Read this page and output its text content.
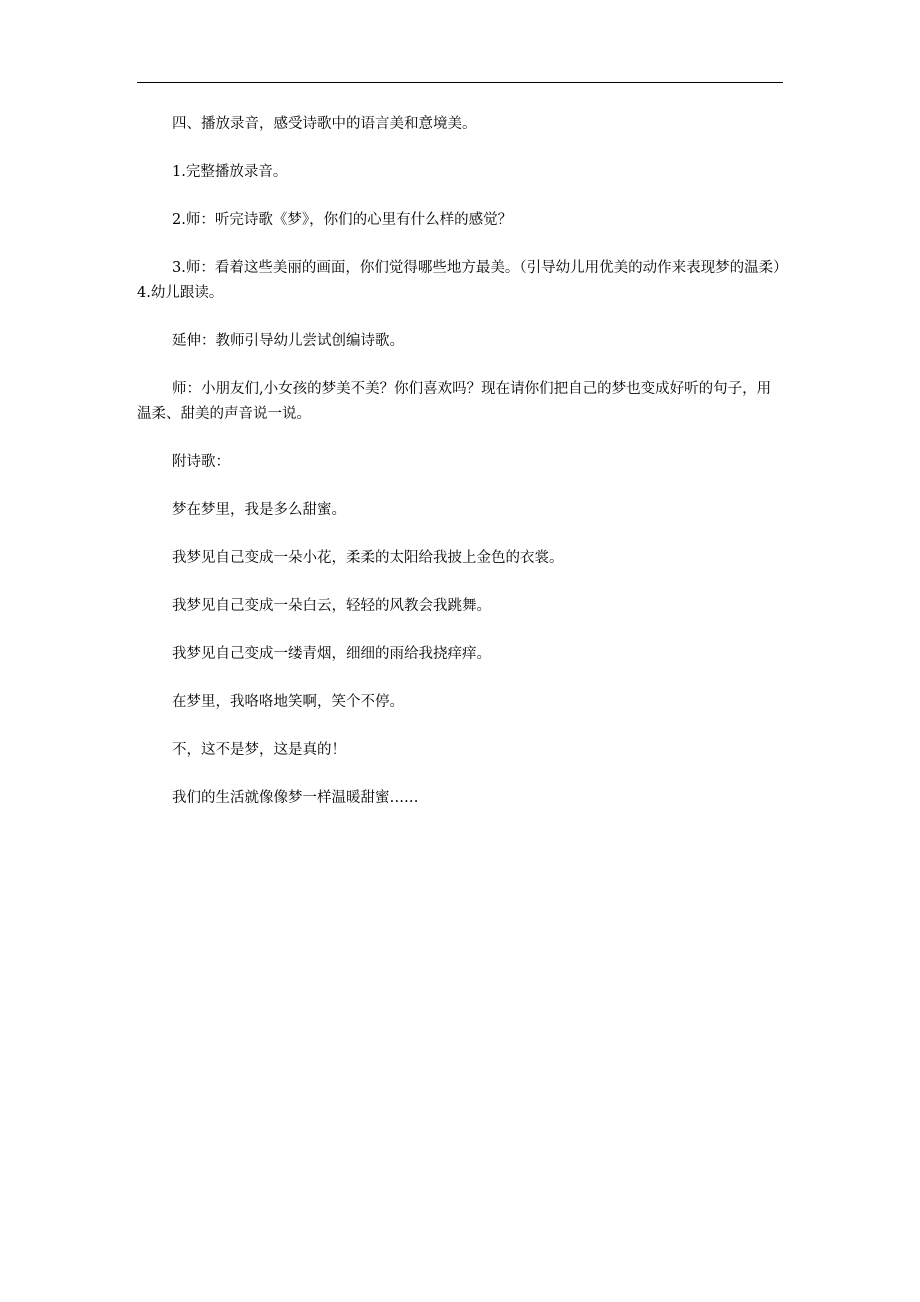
四、播放录音，感受诗歌中的语言美和意境美。

1.完整播放录音。

2.师：听完诗歌《梦》，你们的心里有什么样的感觉？

3.师：看着这些美丽的画面，你们觉得哪些地方最美。（引导幼儿用优美的动作来表现梦的温柔）4.幼儿跟读。

延伸：教师引导幼儿尝试创编诗歌。

师：小朋友们,小女孩的梦美不美？你们喜欢吗？现在请你们把自己的梦也变成好听的句子，用温柔、甜美的声音说一说。

附诗歌：

梦在梦里，我是多么甜蜜。

我梦见自己变成一朵小花，柔柔的太阳给我披上金色的衣裳。

我梦见自己变成一朵白云，轻轻的风教会我跳舞。

我梦见自己变成一缕青烟，细细的雨给我挠痒痒。

在梦里，我咯咯地笑啊，笑个不停。

不，这不是梦，这是真的！

我们的生活就像像梦一样温暖甜蜜……
